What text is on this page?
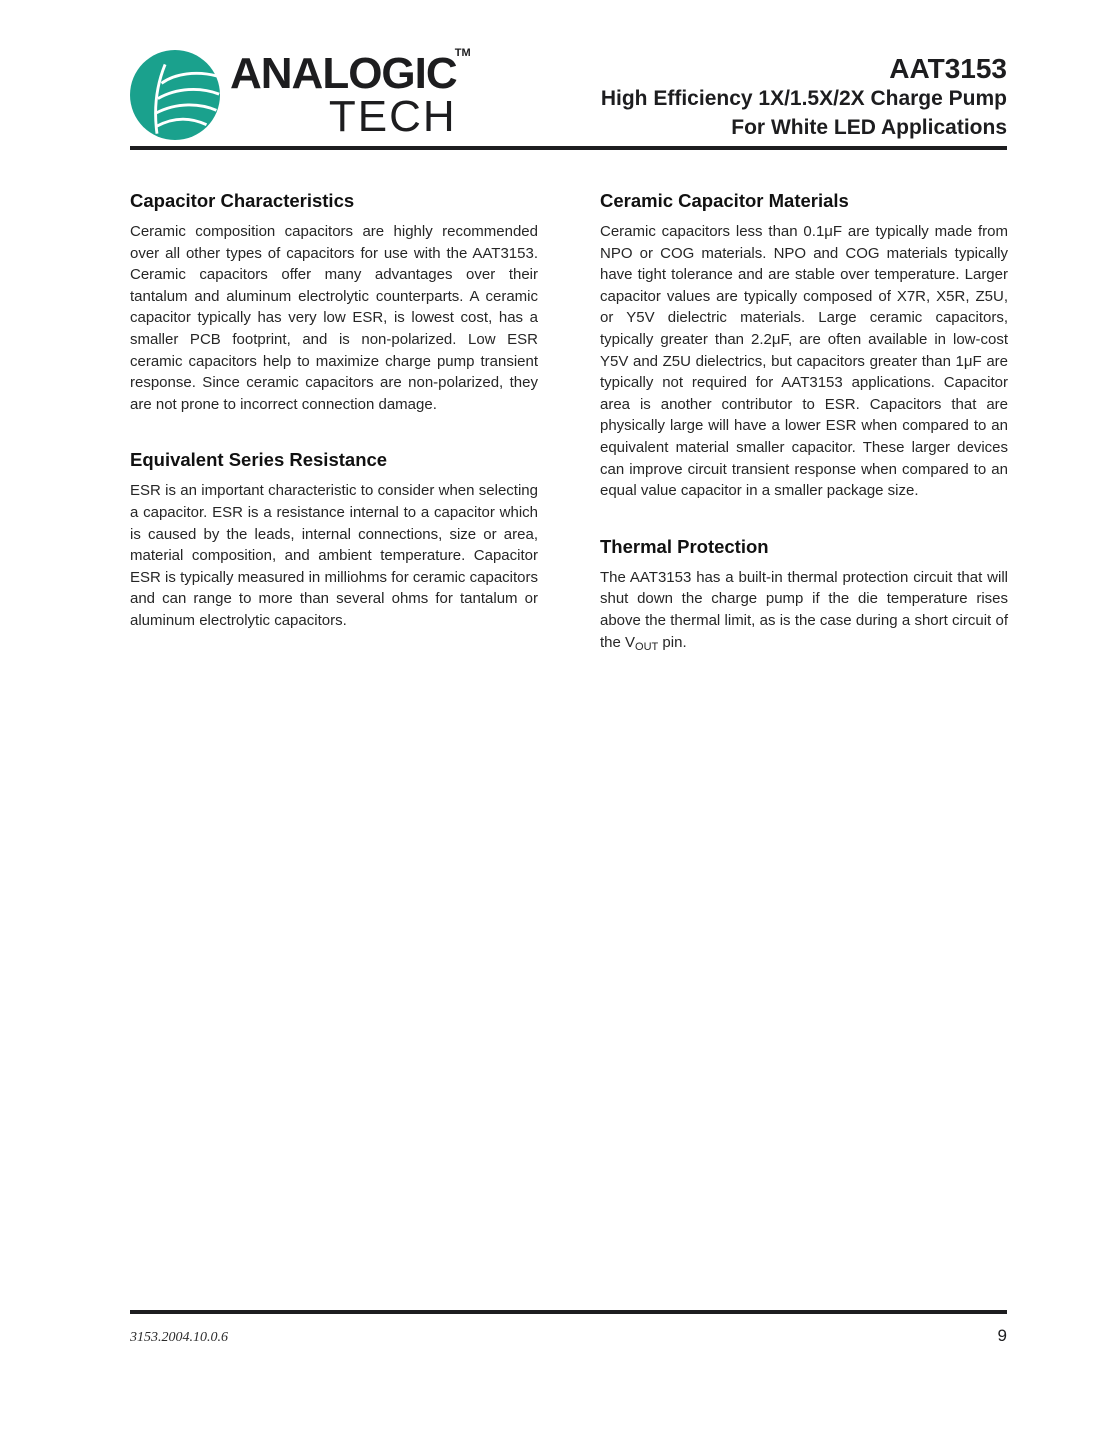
ANALOGIC
TM
TECH
AAT3153
High Efficiency 1X/1.5X/2X Charge Pump
For White LED Applications
Capacitor Characteristics

Ceramic composition capacitors are highly recommended over all other types of capacitors for use with the AAT3153. Ceramic capacitors offer many advantages over their tantalum and aluminum electrolytic counterparts. A ceramic capacitor typically has very low ESR, is lowest cost, has a smaller PCB footprint, and is non-polarized. Low ESR ceramic capacitors help to maximize charge pump transient response. Since ceramic capacitors are non-polarized, they are not prone to incorrect connection damage.

Equivalent Series Resistance

ESR is an important characteristic to consider when selecting a capacitor. ESR is a resistance internal to a capacitor which is caused by the leads, internal connections, size or area, material composition, and ambient temperature. Capacitor ESR is typically measured in milliohms for ceramic capacitors and can range to more than several ohms for tantalum or aluminum electrolytic capacitors.

Ceramic Capacitor Materials

Ceramic capacitors less than 0.1μF are typically made from NPO or COG materials. NPO and COG materials typically have tight tolerance and are stable over temperature. Larger capacitor values are typically composed of X7R, X5R, Z5U, or Y5V dielectric materials. Large ceramic capacitors, typically greater than 2.2μF, are often available in low-cost Y5V and Z5U dielectrics, but capacitors greater than 1μF are typically not required for AAT3153 applications. Capacitor area is another contributor to ESR. Capacitors that are physically large will have a lower ESR when compared to an equivalent material smaller capacitor. These larger devices can improve circuit transient response when compared to an equal value capacitor in a smaller package size.

Thermal Protection

The AAT3153 has a built-in thermal protection circuit that will shut down the charge pump if the die temperature rises above the thermal limit, as is the case during a short circuit of the $V_{OUT}$ pin.

3153.2004.10.0.6	9
